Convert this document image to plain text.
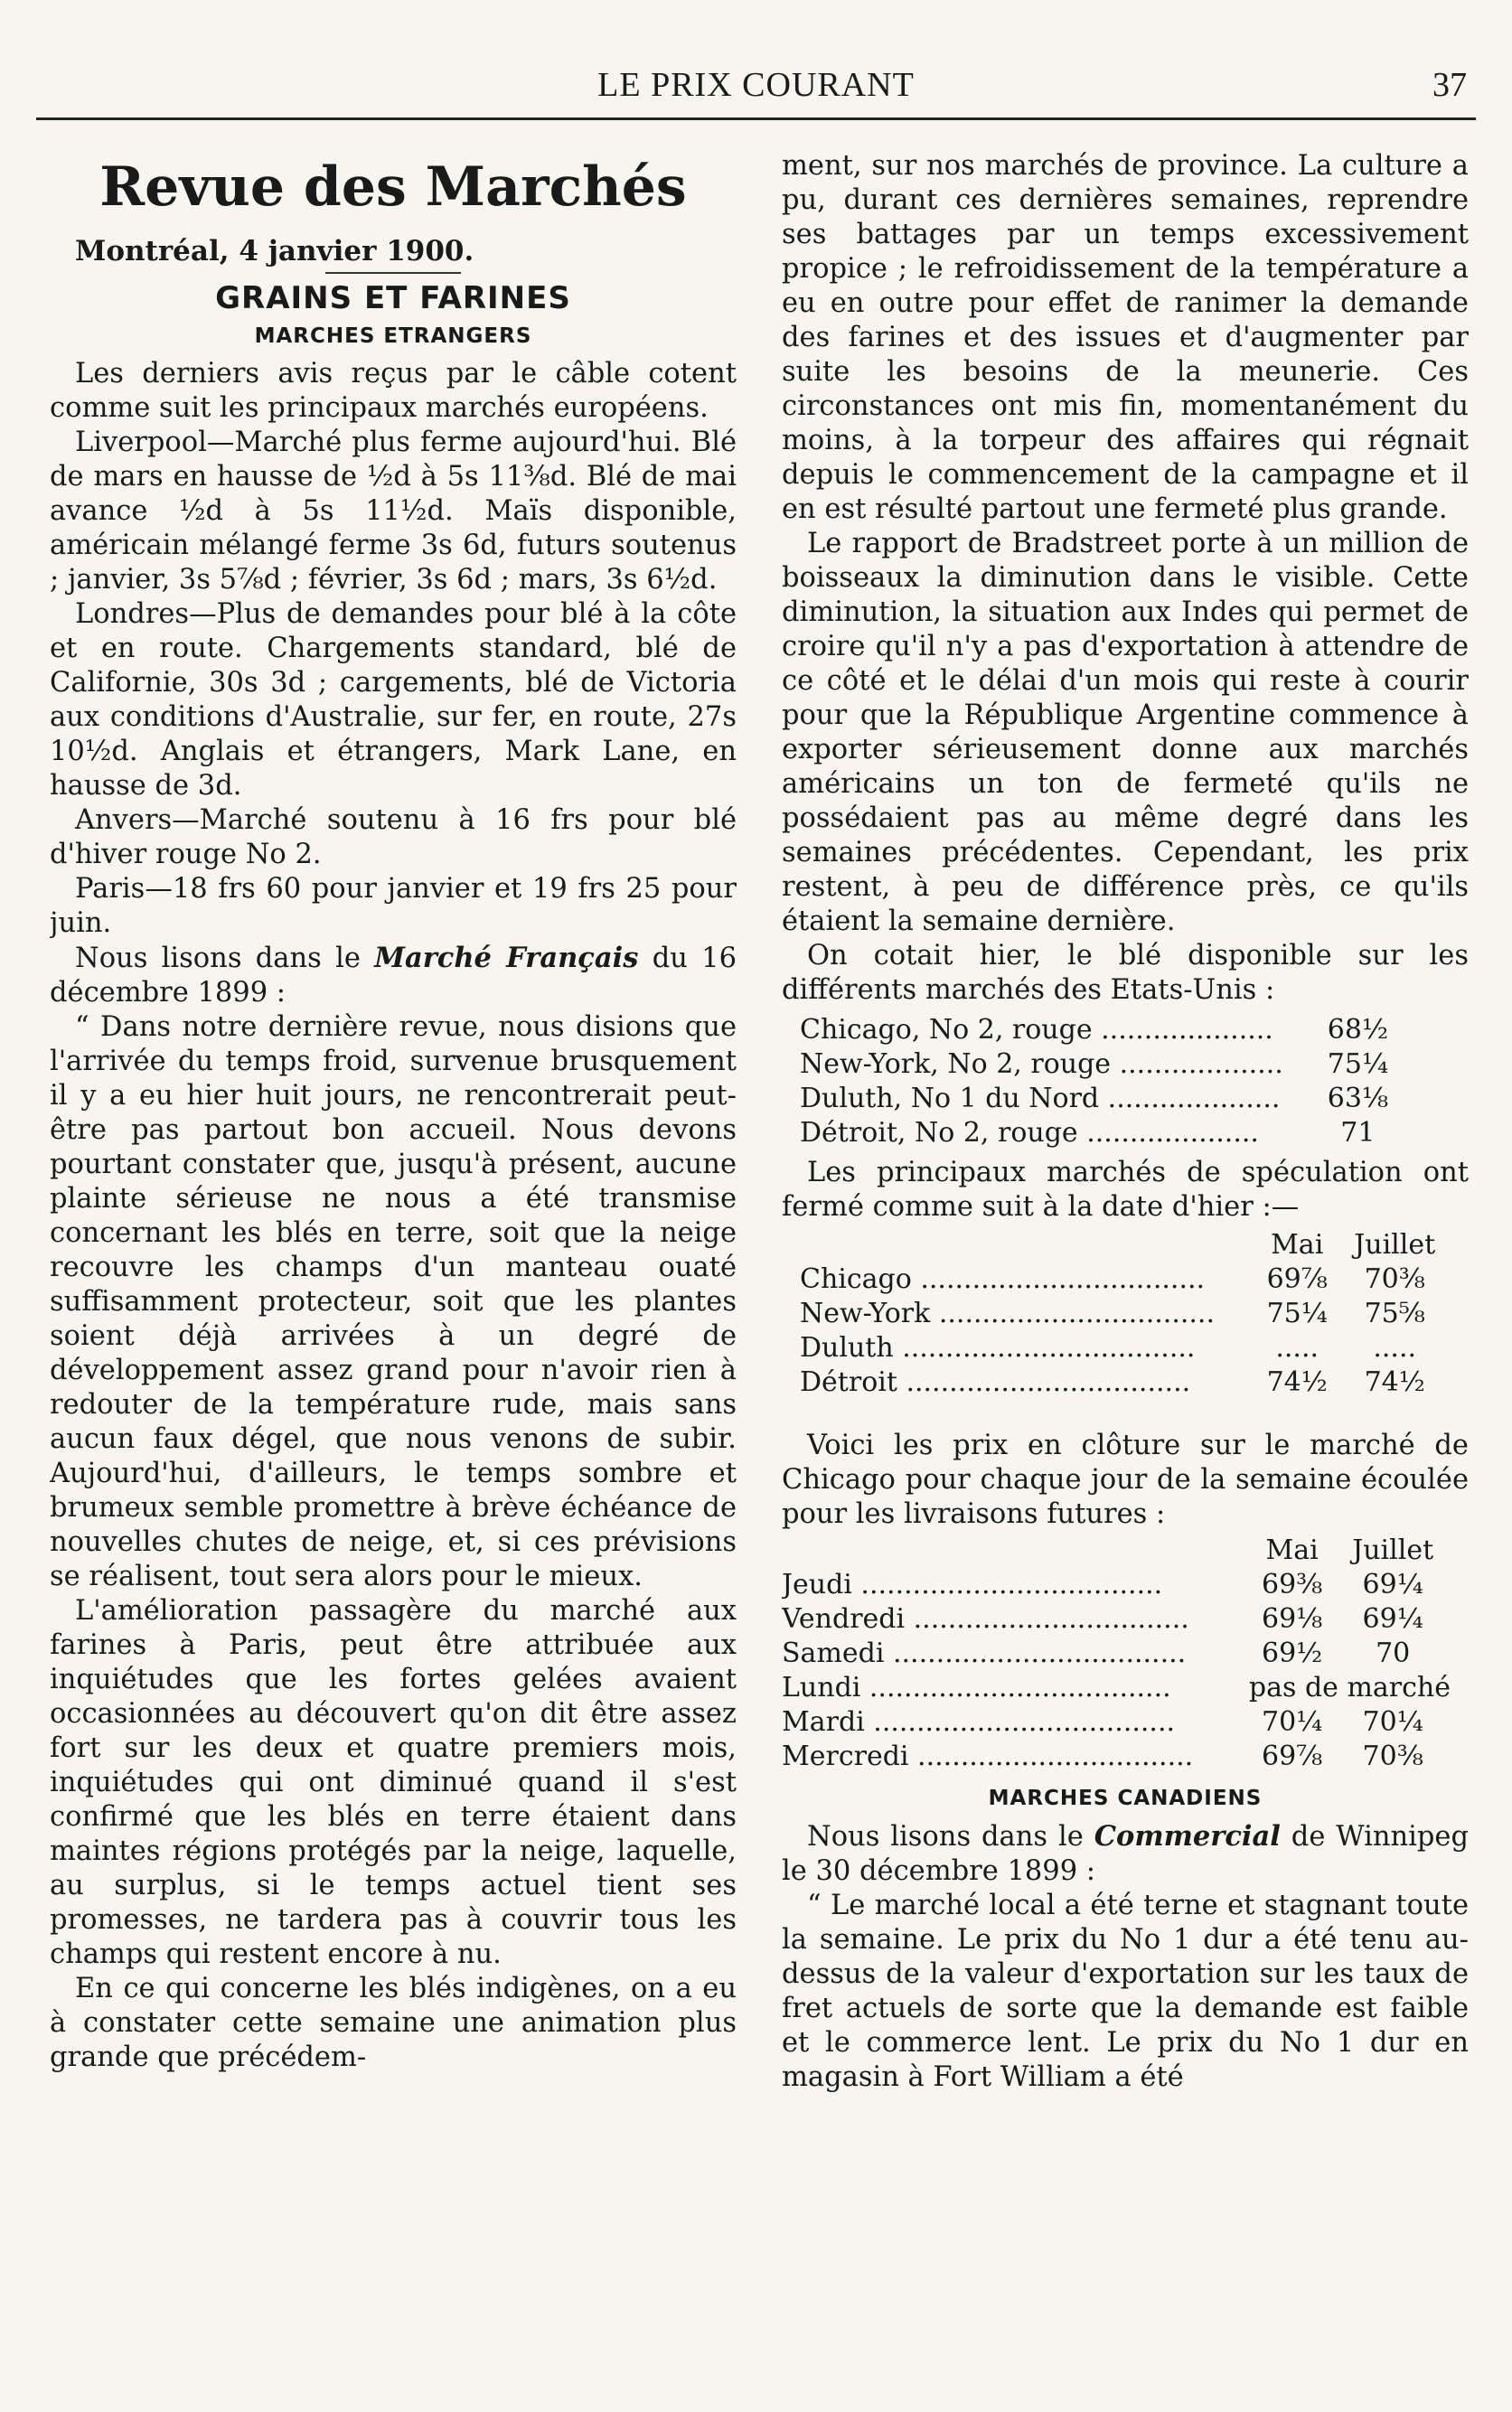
LE PRIX COURANT	37
Revue des Marchés

Montréal, 4 janvier 1900.

GRAINS ET FARINES
MARCHES ETRANGERS

Les derniers avis reçus par le câble cotent comme suit les principaux marchés européens.

Liverpool—Marché plus ferme aujourd'hui. Blé de mars en hausse de ½d à 5s 11⅜d. Blé de mai avance ½d à 5s 11½d. Maïs disponible, américain mélangé ferme 3s 6d, futurs soutenus ; janvier, 3s 5⅞d ; février, 3s 6d ; mars, 3s 6½d.

Londres—Plus de demandes pour blé à la côte et en route. Chargements standard, blé de Californie, 30s 3d ; cargements, blé de Victoria aux conditions d'Australie, sur fer, en route, 27s 10½d. Anglais et étrangers, Mark Lane, en hausse de 3d.

Anvers—Marché soutenu à 16 frs pour blé d'hiver rouge No 2.

Paris—18 frs 60 pour janvier et 19 frs 25 pour juin.

Nous lisons dans le Marché Français du 16 décembre 1899 :

“ Dans notre dernière revue, nous disions que l'arrivée du temps froid, survenue brusquement il y a eu hier huit jours, ne rencontrerait peut-être pas partout bon accueil. Nous devons pourtant constater que, jusqu'à présent, aucune plainte sérieuse ne nous a été transmise concernant les blés en terre, soit que la neige recouvre les champs d'un manteau ouaté suffisamment protecteur, soit que les plantes soient déjà arrivées à un degré de développement assez grand pour n'avoir rien à redouter de la température rude, mais sans aucun faux dégel, que nous venons de subir. Aujourd'hui, d'ailleurs, le temps sombre et brumeux semble promettre à brève échéance de nouvelles chutes de neige, et, si ces prévisions se réalisent, tout sera alors pour le mieux.

L'amélioration passagère du marché aux farines à Paris, peut être attribuée aux inquiétudes que les fortes gelées avaient occasionnées au découvert qu'on dit être assez fort sur les deux et quatre premiers mois, inquiétudes qui ont diminué quand il s'est confirmé que les blés en terre étaient dans maintes régions protégés par la neige, laquelle, au surplus, si le temps actuel tient ses promesses, ne tardera pas à couvrir tous les champs qui restent encore à nu.

En ce qui concerne les blés indigènes, on a eu à constater cette semaine une animation plus grande que précédem-

ment, sur nos marchés de province. La culture a pu, durant ces dernières semaines, reprendre ses battages par un temps excessivement propice ; le refroidissement de la température a eu en outre pour effet de ranimer la demande des farines et des issues et d'augmenter par suite les besoins de la meunerie. Ces circonstances ont mis fin, momentanément du moins, à la torpeur des affaires qui régnait depuis le commencement de la campagne et il en est résulté partout une fermeté plus grande.

Le rapport de Bradstreet porte à un million de boisseaux la diminution dans le visible. Cette diminution, la situation aux Indes qui permet de croire qu'il n'y a pas d'exportation à attendre de ce côté et le délai d'un mois qui reste à courir pour que la République Argentine commence à exporter sérieusement donne aux marchés américains un ton de fermeté qu'ils ne possédaient pas au même degré dans les semaines précédentes. Cependant, les prix restent, à peu de différence près, ce qu'ils étaient la semaine dernière.

On cotait hier, le blé disponible sur les différents marchés des Etats-Unis :

Chicago, No 2, rouge ....................	68½
New-York, No 2, rouge ...................	75¼
Duluth, No 1 du Nord ....................	63⅛
Détroit, No 2, rouge ....................	71

Les principaux marchés de spéculation ont fermé comme suit à la date d'hier :—

	Mai	Juillet
Chicago .................................	69⅞	70⅜
New-York ................................	75¼	75⅝
Duluth ..................................	.....	.....
Détroit .................................	74½	74½

Voici les prix en clôture sur le marché de Chicago pour chaque jour de la semaine écoulée pour les livraisons futures :

	Mai	Juillet
Jeudi ...................................	69⅜	69¼
Vendredi ................................	69⅛	69¼
Samedi ..................................	69½	70
Lundi ...................................	pas de marché	
Mardi ...................................	70¼	70¼
Mercredi ................................	69⅞	70⅜
MARCHES CANADIENS

Nous lisons dans le Commercial de Winnipeg le 30 décembre 1899 :

“ Le marché local a été terne et stagnant toute la semaine. Le prix du No 1 dur a été tenu au-dessus de la valeur d'exportation sur les taux de fret actuels de sorte que la demande est faible et le commerce lent. Le prix du No 1 dur en magasin à Fort William a été
